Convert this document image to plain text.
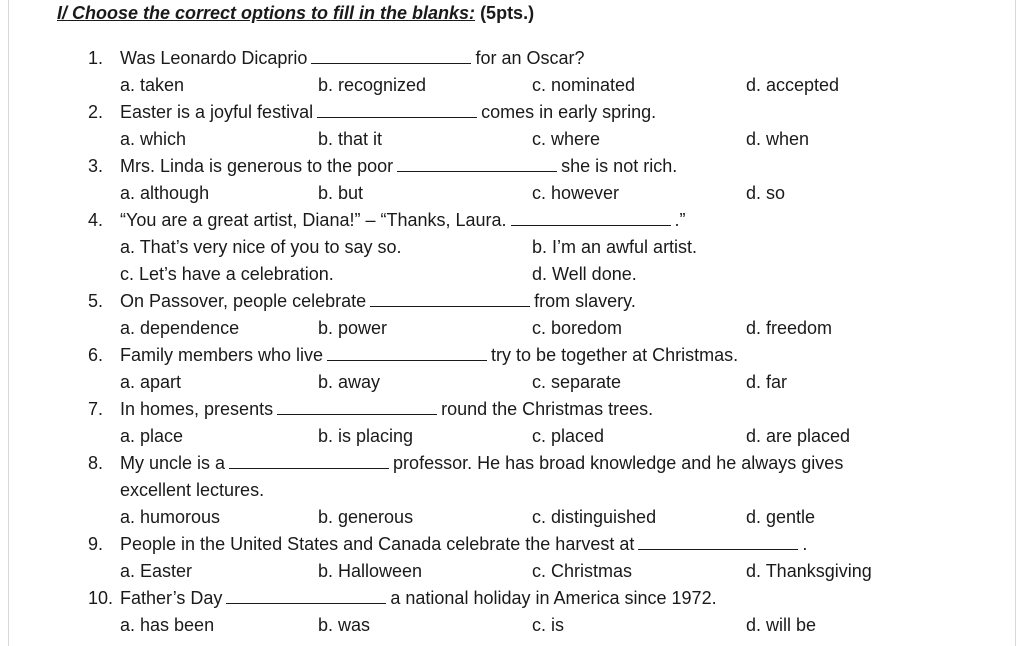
I/ Choose the correct options to fill in the blanks: (5pts.)
1. Was Leonardo Dicaprio	for an Oscar?
a. taken	b. recognized	c. nominated	d. accepted
2. Easter is a joyful festival	comes in early spring.
a. which	b. that it	c. where	d. when
3. Mrs. Linda is generous to the poor	she is not rich.
a. although	b. but	c. however	d. so
4. “You are a great artist, Diana!” – “Thanks, Laura.	.”
a. That’s very nice of you to say so.	b. I’m an awful artist.
c. Let’s have a celebration.	d. Well done.
5. On Passover, people celebrate	from slavery.
a. dependence	b. power	c. boredom	d. freedom
6. Family members who live	try to be together at Christmas.
a. apart	b. away	c. separate	d. far
7. In homes, presents	round the Christmas trees.
a. place	b. is placing	c. placed	d. are placed
8. My uncle is a	professor. He has broad knowledge and he always gives
excellent lectures.
a. humorous	b. generous	c. distinguished	d. gentle
9. People in the United States and Canada celebrate the harvest at	.
a. Easter	b. Halloween	c. Christmas	d. Thanksgiving
10. Father’s Day	a national holiday in America since 1972.
a. has been	b. was	c. is	d. will be
